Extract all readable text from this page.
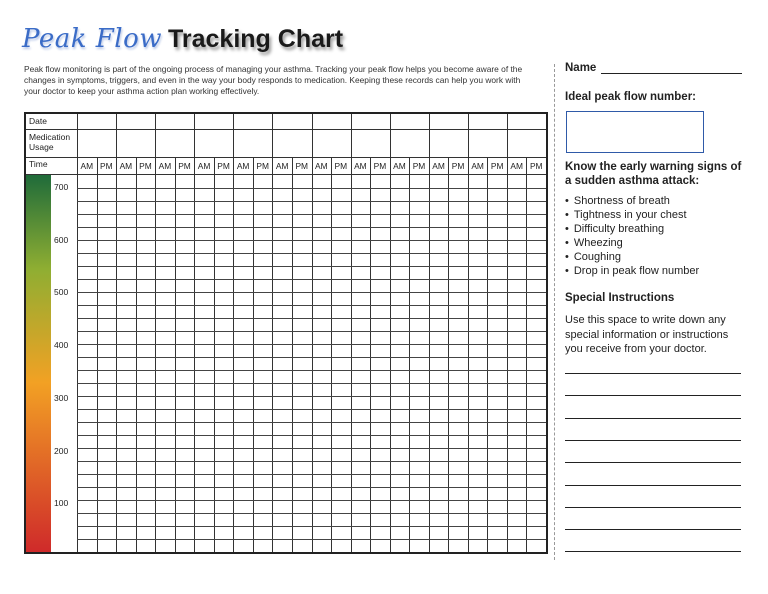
Peak Flow Tracking Chart
Peak flow monitoring is part of the ongoing process of managing your asthma. Tracking your peak flow helps you become aware of the changes in symptoms, triggers, and even in the way your body responds to medication. Keeping these records can help you work with your doctor to keep your asthma action plan working effectively.
Date
Medication Usage
Time	AM PM AM PM AM PM AM PM AM PM AM PM AM PM AM PM AM PM AM PM AM PM AM PM
700
600
500
400
300
200
100
Name
Ideal peak flow number:
Know the early warning signs of a sudden asthma attack:
• Shortness of breath
• Tightness in your chest
• Difficulty breathing
• Wheezing
• Coughing
• Drop in peak flow number
Special Instructions
Use this space to write down any special information or instructions you receive from your doctor.
